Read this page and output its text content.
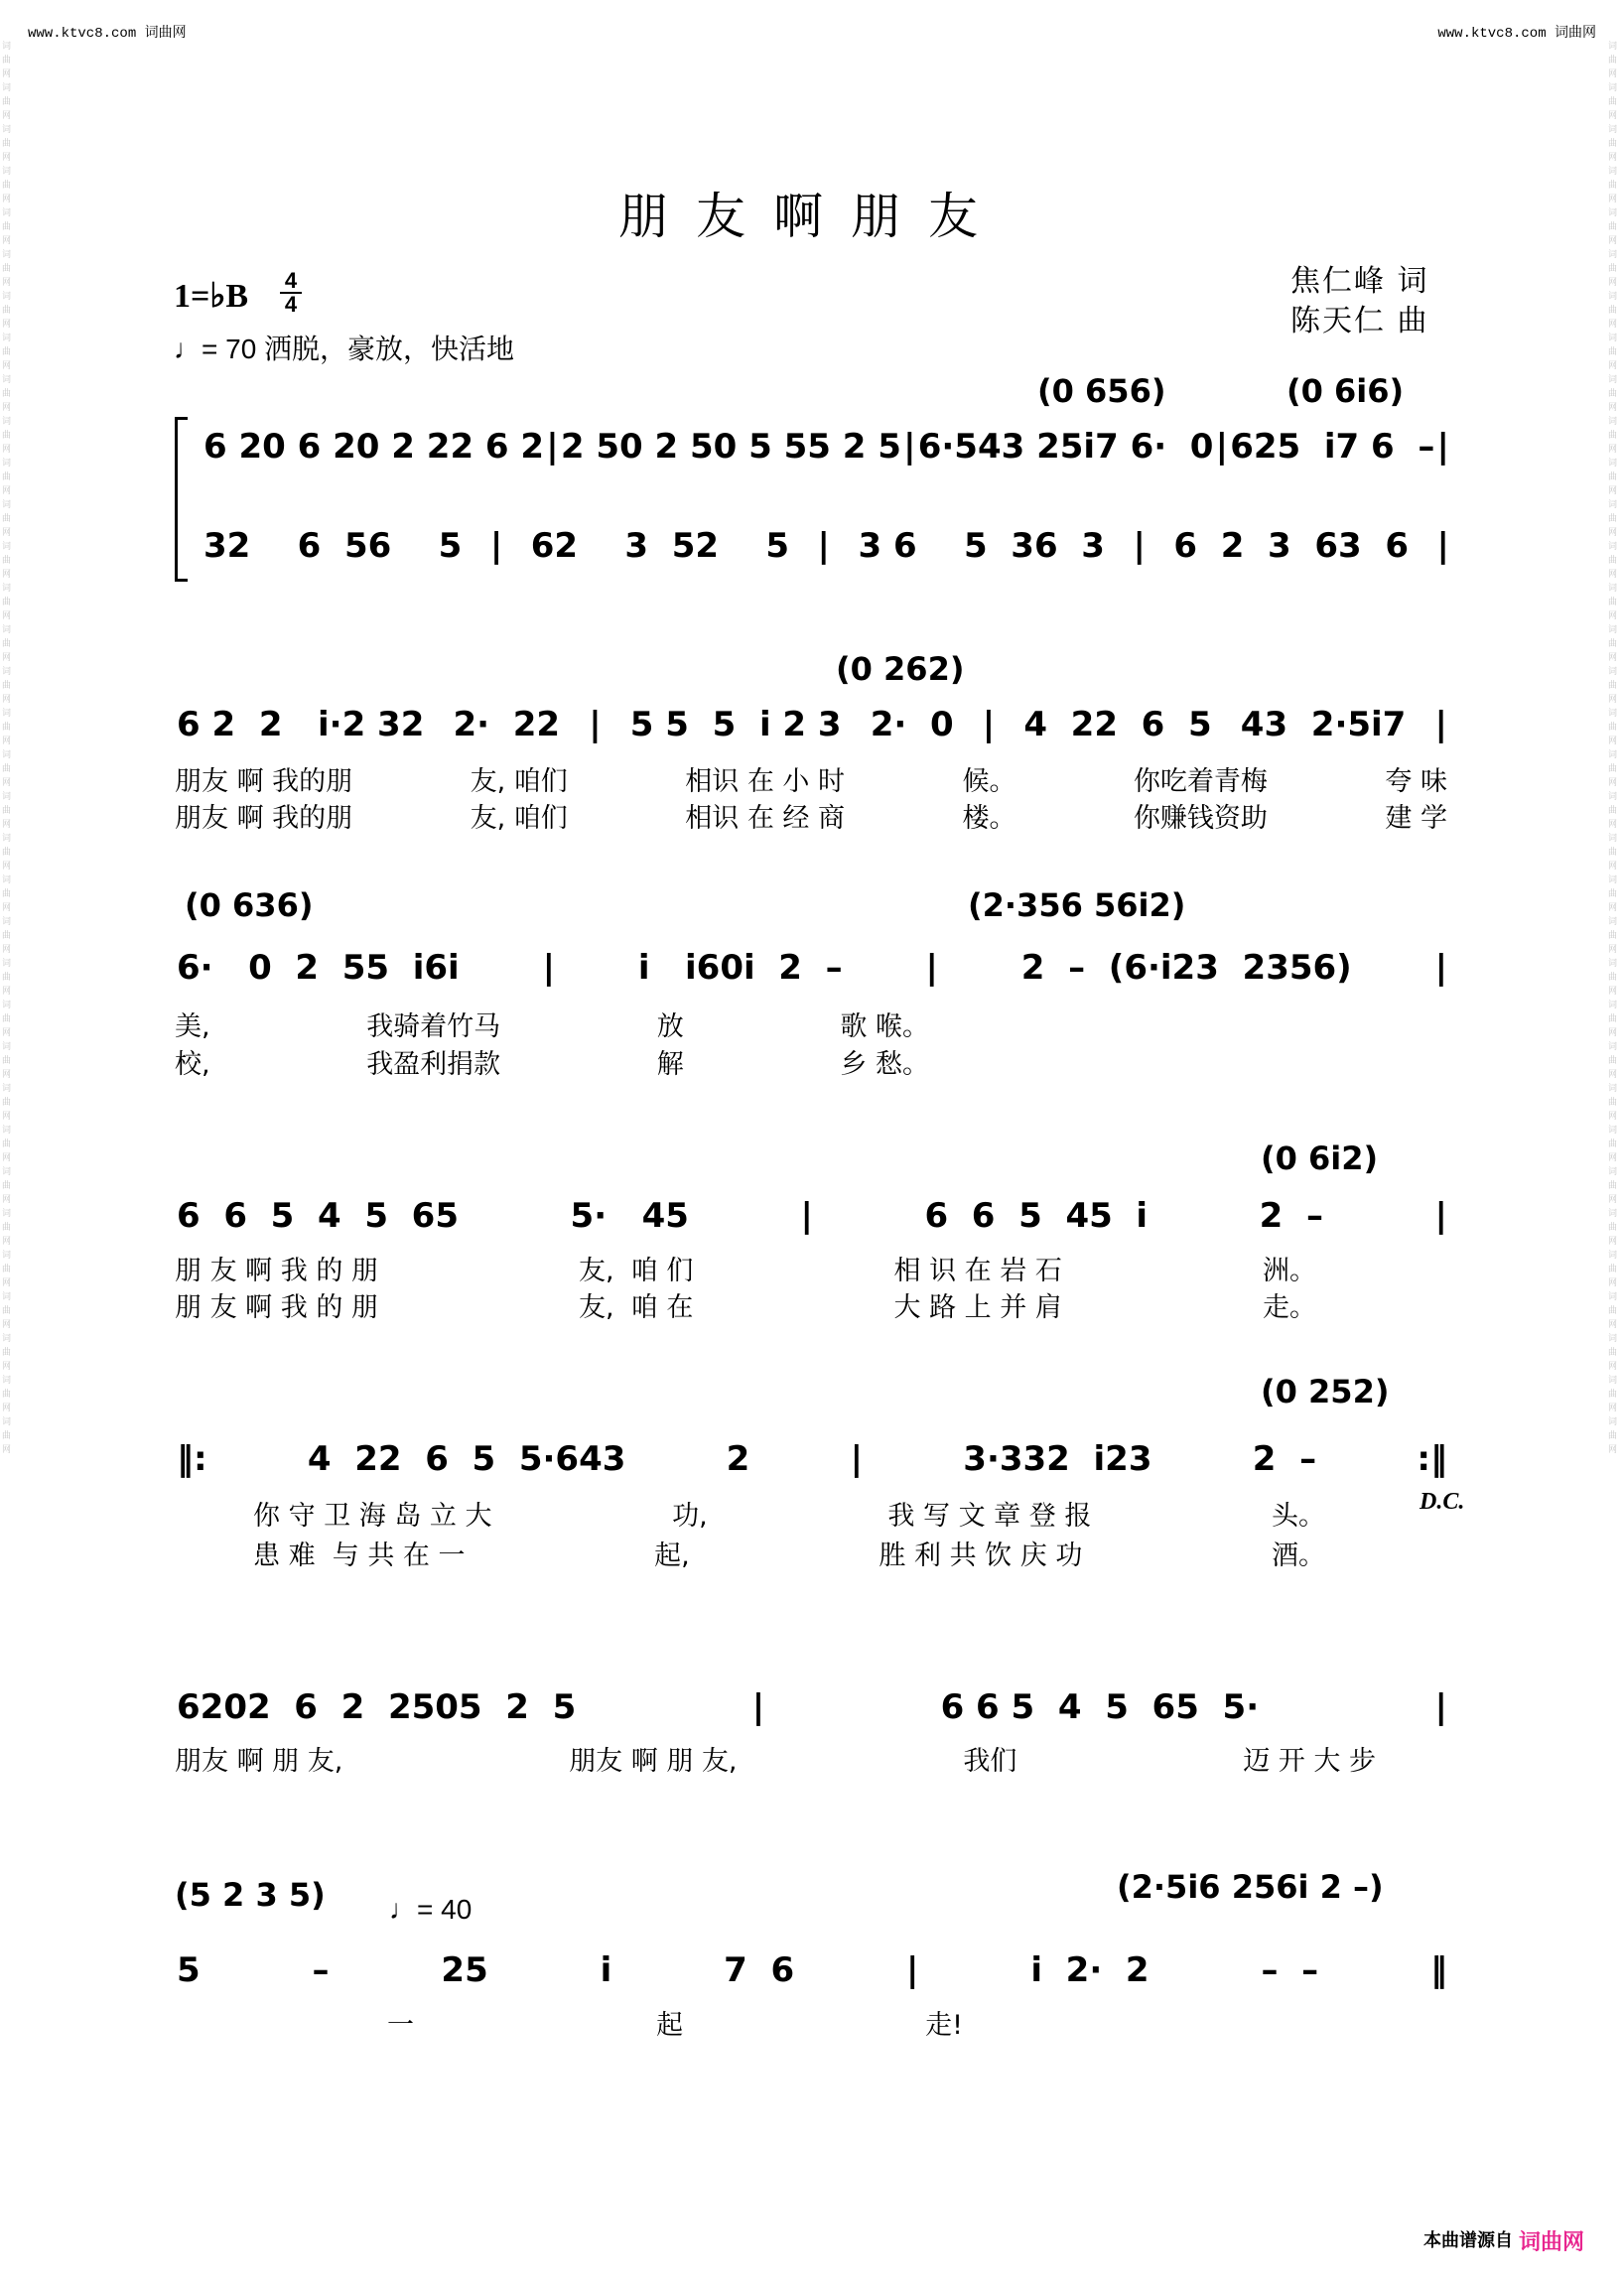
www.ktvc8.com 词曲网	www.ktvc8.com 词曲网
词曲网词曲网词曲网词曲网词曲网词曲网词曲网词曲网词曲网词曲网词曲网词曲网词曲网词曲网词曲网词曲网词曲网词曲网词曲网词曲网词曲网词曲网词曲网词曲网词曲网词曲网词曲网词曲网词曲网词曲网词曲网词曲网词曲网词曲网
词曲网词曲网词曲网词曲网词曲网词曲网词曲网词曲网词曲网词曲网词曲网词曲网词曲网词曲网词曲网词曲网词曲网词曲网词曲网词曲网词曲网词曲网词曲网词曲网词曲网词曲网词曲网词曲网词曲网词曲网词曲网词曲网词曲网词曲网
朋友啊朋友
1=♭B 4
4
♩= 70 洒脱，豪放，快活地
焦仁峰 词
陈天仁 曲
(0 656)	(0 6i6)
6 20 6 20 2 22 6 2 | 2 50 2 50 5 55 2 5 | 6·543 25i7 6·  0 | 625  i7 6  – |
32    6  56    5 | 62    3  52    5 | 3 6    5  36  3 | 6  2  3  63  6 |
(0 262)
6 2  2   i·2 32 2·  22 | 5 5  5  i 2 3 2·  0 | 4  22  6  5 43  2·5i7 |
朋友 啊 我的朋	友, 咱们	相识 在 小 时	候。	你吃着青梅	夸 味
朋友 啊 我的朋	友, 咱们	相识 在 经 商	楼。	你赚钱资助	建 学
(0 636)	(2·356 56i2)
6·   0  2  55  i6i | i   i60i  2  – | 2  –  (6·i23  2356) |
美,	我骑着竹马	放	歌 喉。
校,	我盈利捐款	解	乡 愁。
(0 6i2)
6  6  5  4  5  65	5·   45	|	6  6  5  45  i	2  –	|
朋 友 啊 我 的 朋	友,  咱 们	相 识 在 岩 石	洲。
朋 友 啊 我 的 朋	友,  咱 在	大 路 上 并 肩	走。
(0 252)
‖:	4  22  6  5  5·643	2	|	3·332  i23	2  –	:‖
D.C.
你 守 卫 海 岛 立 大	功,	我 写 文 章 登 报	头。
患 难  与 共 在 一	起,	胜 利 共 饮 庆 功	酒。
6202  6  2  2505  2  5	|	6 6 5  4  5  65  5·	|
朋友 啊 朋 友,	朋友 啊 朋 友,	我们	迈 开 大 步
(5 2 3 5) ♩= 40
(2·5i6 256i 2 –)
5	–	25	i	7  6	|	i  2·  2	–  –	‖
一	起	走!
本曲谱源自 词曲网
